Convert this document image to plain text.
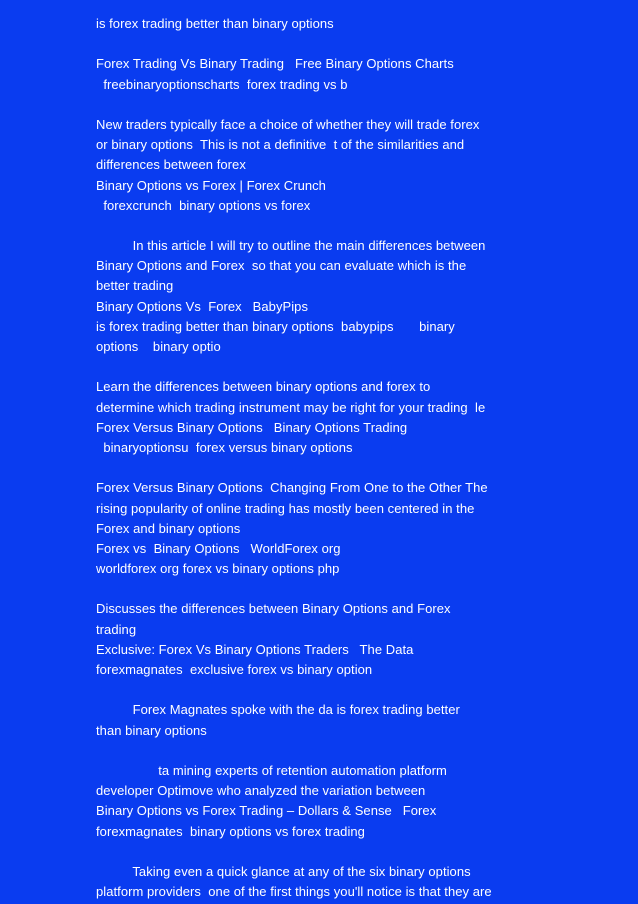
is forex trading better than binary options
Forex Trading Vs Binary Trading   Free Binary Options Charts
freebinaryoptionscharts  forex trading vs b
New traders typically face a choice of whether they will trade forex
or binary options  This is not a definitive  t of the similarities and
differences between forex
Binary Options vs Forex | Forex Crunch
forexcrunch  binary options vs forex
In this article I will try to outline the main differences between
Binary Options and Forex  so that you can evaluate which is the
better trading
Binary Options Vs  Forex   BabyPips
is forex trading better than binary options  babypips       binary
options    binary optio
Learn the differences between binary options and forex to
determine which trading instrument may be right for your trading  le
Forex Versus Binary Options   Binary Options Trading
binaryoptionsu  forex versus binary options
Forex Versus Binary Options  Changing From One to the Other The
rising popularity of online trading has mostly been centered in the
Forex and binary options
Forex vs  Binary Options   WorldForex org
worldforex org forex vs binary options php
Discusses the differences between Binary Options and Forex
trading
Exclusive: Forex Vs Binary Options Traders   The Data
forexmagnates  exclusive forex vs binary option
Forex Magnates spoke with the da is forex trading better
than binary options
ta mining experts of retention automation platform
developer Optimove who analyzed the variation between
Binary Options vs Forex Trading – Dollars & Sense   Forex
forexmagnates  binary options vs forex trading
Taking even a quick glance at any of the six binary options
platform providers  one of the first things you'll notice is that they are
